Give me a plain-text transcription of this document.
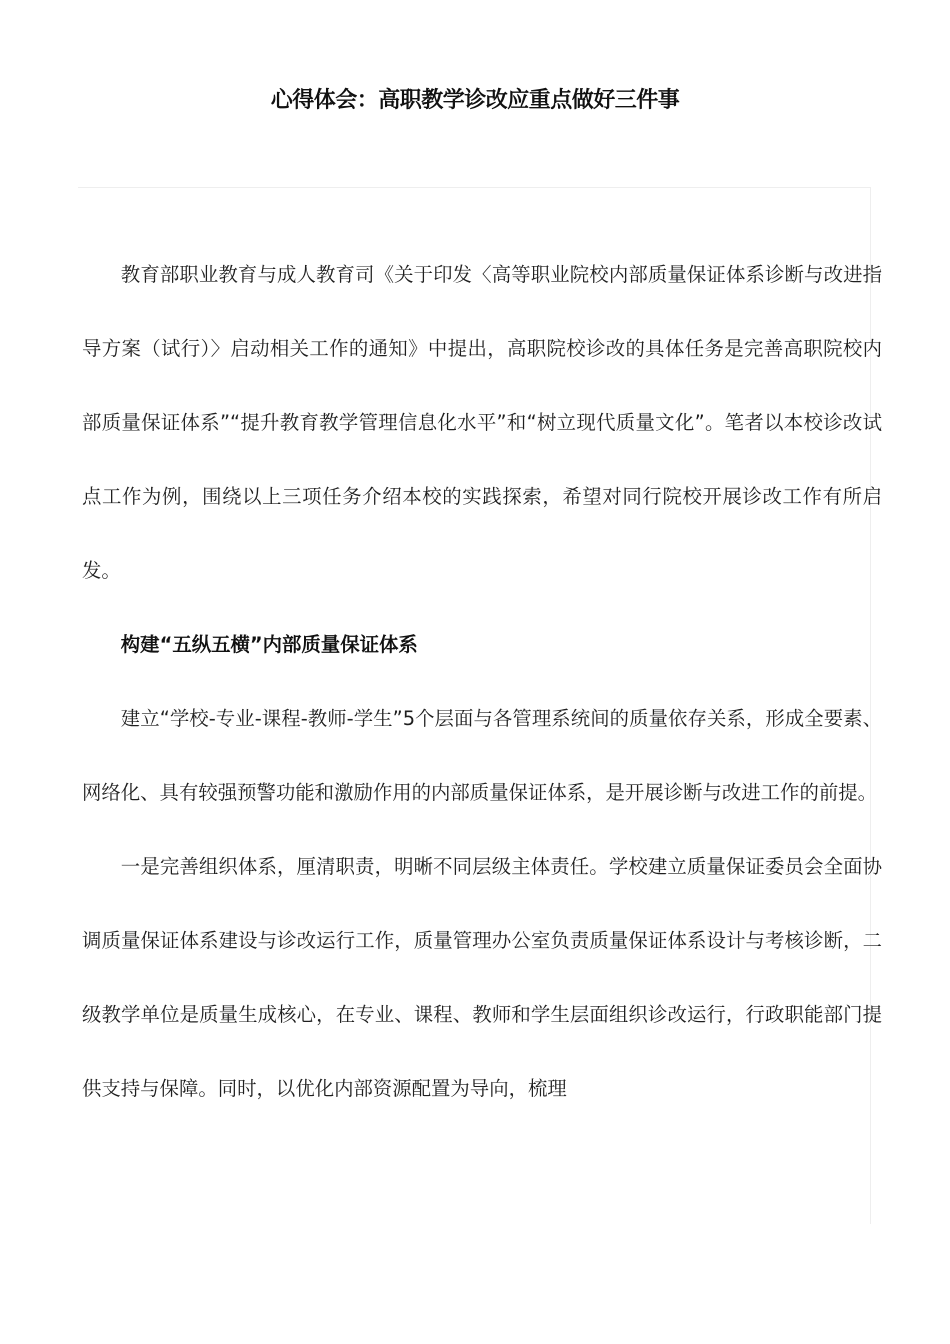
心得体会：高职教学诊改应重点做好三件事

教育部职业教育与成人教育司《关于印发〈高等职业院校内部质量保证体系诊断与改进指导方案（试行）〉启动相关工作的通知》中提出，高职院校诊改的具体任务是完善高职院校内部质量保证体系”“提升教育教学管理信息化水平”和“树立现代质量文化”。笔者以本校诊改试点工作为例，围绕以上三项任务介绍本校的实践探索，希望对同行院校开展诊改工作有所启发。

构建“五纵五横”内部质量保证体系

建立“学校-专业-课程-教师-学生”5个层面与各管理系统间的质量依存关系，形成全要素、网络化、具有较强预警功能和激励作用的内部质量保证体系，是开展诊断与改进工作的前提。

一是完善组织体系，厘清职责，明晰不同层级主体责任。学校建立质量保证委员会全面协调质量保证体系建设与诊改运行工作，质量管理办公室负责质量保证体系设计与考核诊断，二级教学单位是质量生成核心，在专业、课程、教师和学生层面组织诊改运行，行政职能部门提供支持与保障。同时，以优化内部资源配置为导向，梳理
